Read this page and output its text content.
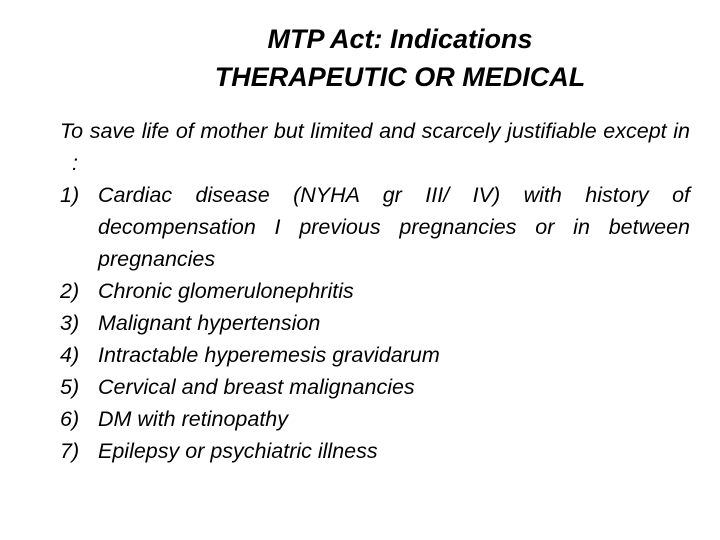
MTP Act: Indications
THERAPEUTIC OR MEDICAL
To save life of mother but limited and scarcely justifiable except in :
1) Cardiac disease (NYHA gr III/ IV) with history of decompensation I previous pregnancies or in between pregnancies
2) Chronic glomerulonephritis
3) Malignant hypertension
4) Intractable hyperemesis gravidarum
5) Cervical and breast malignancies
6) DM with retinopathy
7) Epilepsy or psychiatric illness
